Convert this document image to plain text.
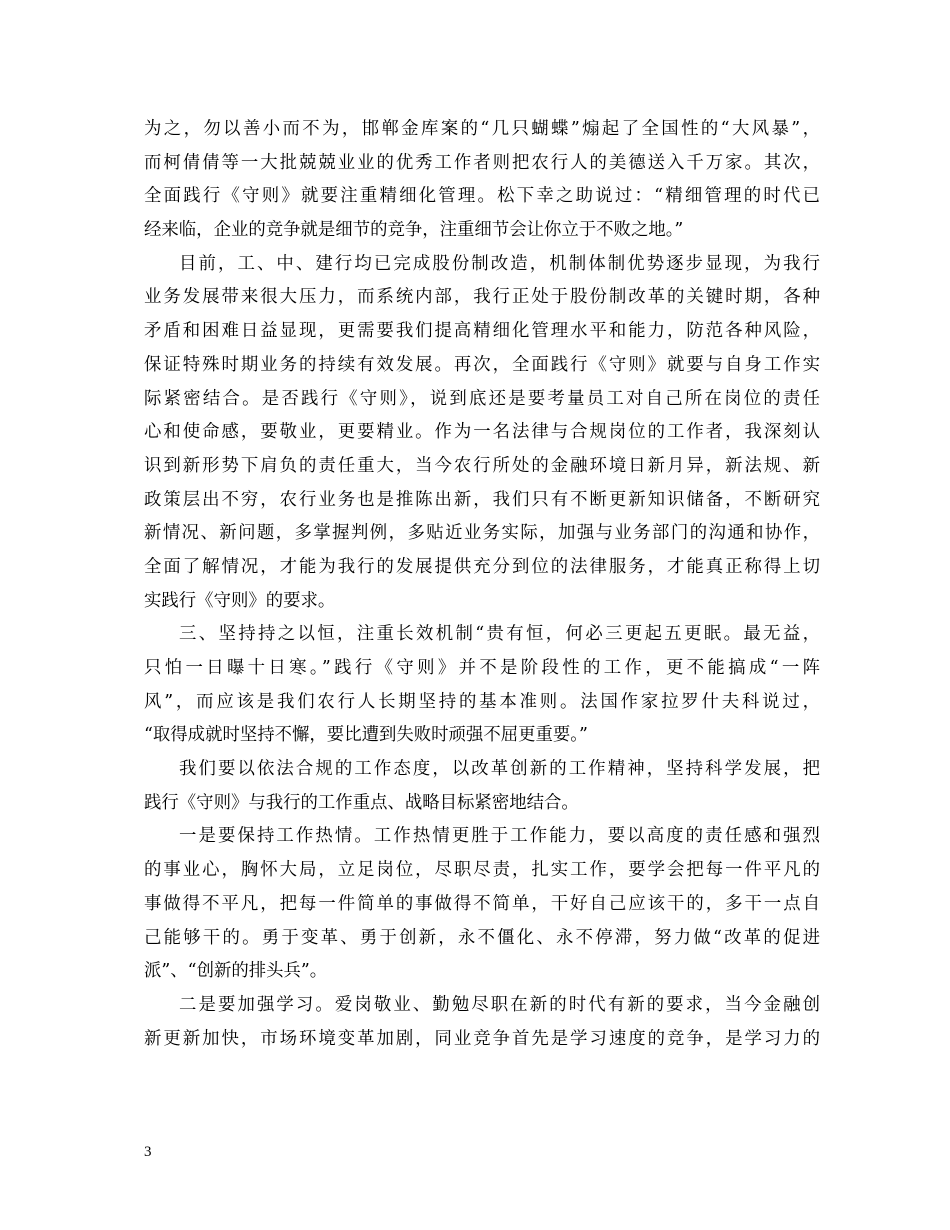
为之，勿以善小而不为，邯郸金库案的“几只蝴蝶”煽起了全国性的“大风暴”，
而柯倩倩等一大批兢兢业业的优秀工作者则把农行人的美德送入千万家。其次，
全面践行《守则》就要注重精细化管理。松下幸之助说过：“精细管理的时代已
经来临，企业的竞争就是细节的竞争，注重细节会让你立于不败之地。”
目前，工、中、建行均已完成股份制改造，机制体制优势逐步显现，为我行
业务发展带来很大压力，而系统内部，我行正处于股份制改革的关键时期，各种
矛盾和困难日益显现，更需要我们提高精细化管理水平和能力，防范各种风险，
保证特殊时期业务的持续有效发展。再次，全面践行《守则》就要与自身工作实
际紧密结合。是否践行《守则》，说到底还是要考量员工对自己所在岗位的责任
心和使命感，要敬业，更要精业。作为一名法律与合规岗位的工作者，我深刻认
识到新形势下肩负的责任重大，当今农行所处的金融环境日新月异，新法规、新
政策层出不穷，农行业务也是推陈出新，我们只有不断更新知识储备，不断研究
新情况、新问题，多掌握判例，多贴近业务实际，加强与业务部门的沟通和协作，
全面了解情况，才能为我行的发展提供充分到位的法律服务，才能真正称得上切
实践行《守则》的要求。
三、坚持持之以恒，注重长效机制“贵有恒，何必三更起五更眠。最无益，
只怕一日曝十日寒。”践行《守则》并不是阶段性的工作，更不能搞成“一阵
风”，而应该是我们农行人长期坚持的基本准则。法国作家拉罗什夫科说过，
“取得成就时坚持不懈，要比遭到失败时顽强不屈更重要。”
我们要以依法合规的工作态度，以改革创新的工作精神，坚持科学发展，把
践行《守则》与我行的工作重点、战略目标紧密地结合。
一是要保持工作热情。工作热情更胜于工作能力，要以高度的责任感和强烈
的事业心，胸怀大局，立足岗位，尽职尽责，扎实工作，要学会把每一件平凡的
事做得不平凡，把每一件简单的事做得不简单，干好自己应该干的，多干一点自
己能够干的。勇于变革、勇于创新，永不僵化、永不停滞，努力做“改革的促进
派”、“创新的排头兵”。
二是要加强学习。爱岗敬业、勤勉尽职在新的时代有新的要求，当今金融创
新更新加快，市场环境变革加剧，同业竞争首先是学习速度的竞争，是学习力的
3
